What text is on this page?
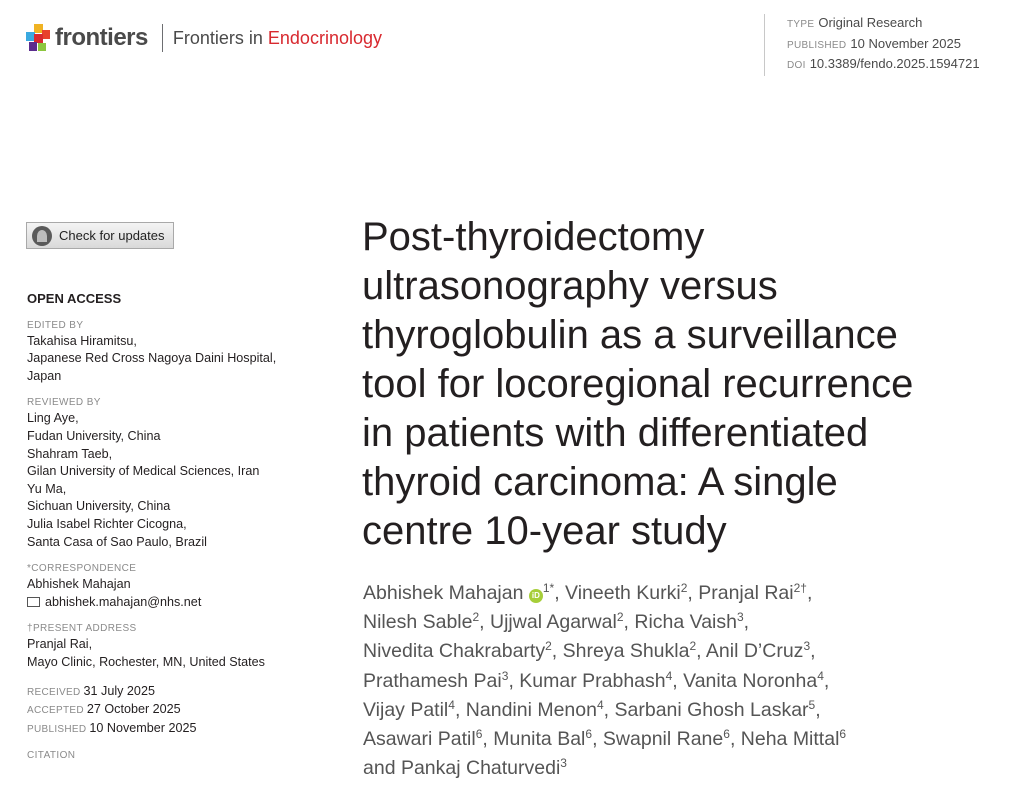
frontiers Frontiers in Endocrinology
TYPE Original Research
PUBLISHED 10 November 2025
DOI 10.3389/fendo.2025.1594721
Check for updates
OPEN ACCESS
EDITED BY
Takahisa Hiramitsu,
Japanese Red Cross Nagoya Daini Hospital,
Japan
REVIEWED BY
Ling Aye,
Fudan University, China
Shahram Taeb,
Gilan University of Medical Sciences, Iran
Yu Ma,
Sichuan University, China
Julia Isabel Richter Cicogna,
Santa Casa of Sao Paulo, Brazil
*CORRESPONDENCE
Abhishek Mahajan
abhishek.mahajan@nhs.net
†PRESENT ADDRESS
Pranjal Rai,
Mayo Clinic, Rochester, MN, United States
RECEIVED 31 July 2025
ACCEPTED 27 October 2025
PUBLISHED 10 November 2025
CITATION
Post-thyroidectomy
ultrasonography versus
thyroglobulin as a surveillance
tool for locoregional recurrence
in patients with differentiated
thyroid carcinoma: A single
centre 10-year study
Abhishek Mahajan $iD^{1*}$, Vineeth Kurki$^2$, Pranjal Rai$^{2\dagger}$,
Nilesh Sable$^2$, Ujjwal Agarwal$^2$, Richa Vaish$^3$,
Nivedita Chakrabarty$^2$, Shreya Shukla$^2$, Anil D’Cruz$^3$,
Prathamesh Pai$^3$, Kumar Prabhash$^4$, Vanita Noronha$^4$,
Vijay Patil$^4$, Nandini Menon$^4$, Sarbani Ghosh Laskar$^5$,
Asawari Patil$^6$, Munita Bal$^6$, Swapnil Rane$^6$, Neha Mittal$^6$
and Pankaj Chaturvedi$^3$
